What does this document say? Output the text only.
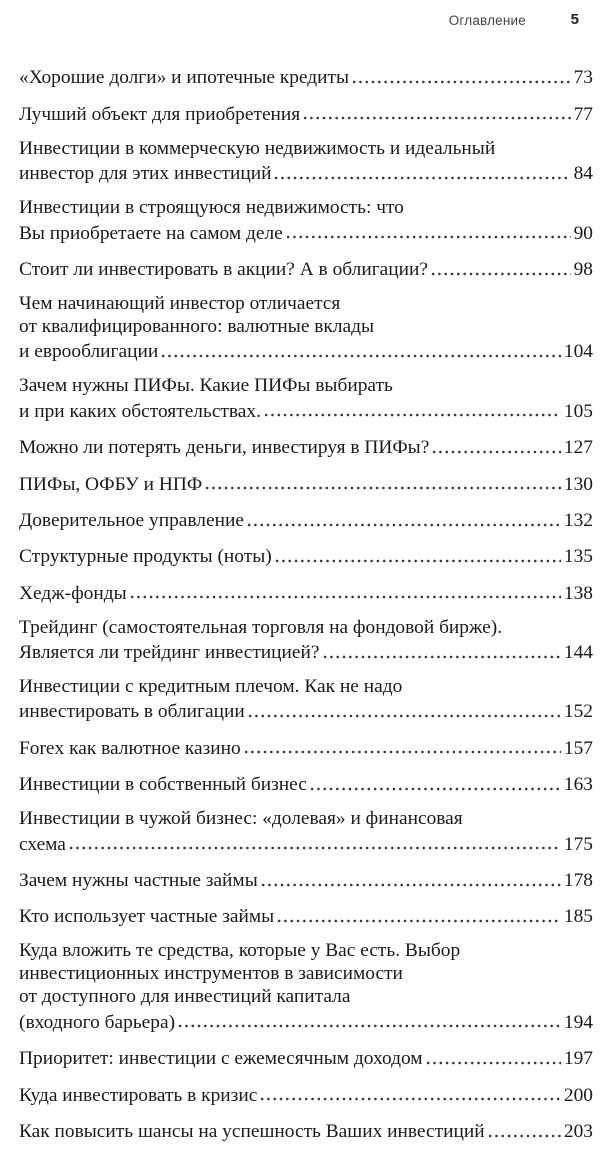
Оглавление	5
«Хорошие долги» и ипотечные кредиты	73
Лучший объект для приобретения	77
Инвестиции в коммерческую недвижимость и идеальный
инвестор для этих инвестиций	84
Инвестиции в строящуюся недвижимость: что
Вы приобретаете на самом деле	90
Стоит ли инвестировать в акции? А в облигации?	98
Чем начинающий инвестор отличается
от квалифицированного: валютные вклады
и еврооблигации	104
Зачем нужны ПИФы. Какие ПИФы выбирать
и при каких обстоятельствах.	105
Можно ли потерять деньги, инвестируя в ПИФы?	127
ПИФы, ОФБУ и НПФ	130
Доверительное управление	132
Структурные продукты (ноты)	135
Хедж-фонды	138
Трейдинг (самостоятельная торговля на фондовой бирже).
Является ли трейдинг инвестицией?	144
Инвестиции с кредитным плечом. Как не надо
инвестировать в облигации	152
Forex как валютное казино	157
Инвестиции в собственный бизнес	163
Инвестиции в чужой бизнес: «долевая» и финансовая
схема	175
Зачем нужны частные займы	178
Кто использует частные займы	185
Куда вложить те средства, которые у Вас есть. Выбор
инвестиционных инструментов в зависимости
от доступного для инвестиций капитала
(входного барьера)	194
Приоритет: инвестиции с ежемесячным доходом	197
Куда инвестировать в кризис	200
Как повысить шансы на успешность Ваших инвестиций	203
